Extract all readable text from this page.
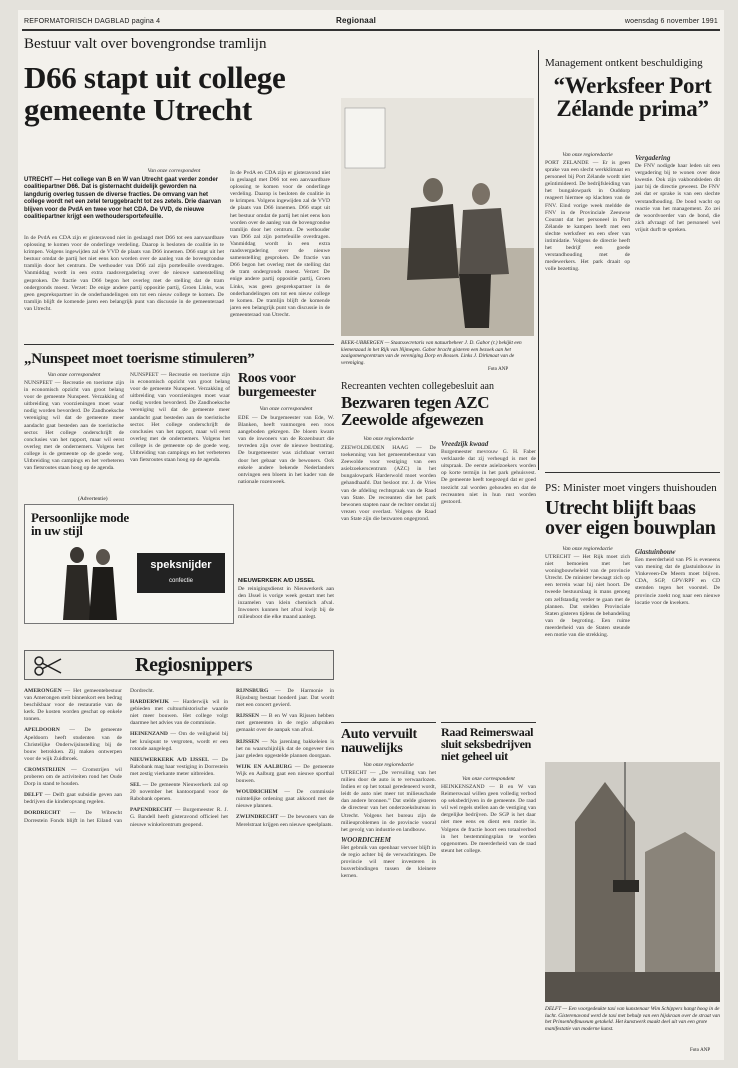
REFORMATORISCH DAGBLAD pagina 4	Regionaal	woensdag 6 november 1991
Bestuur valt over bovengrondse tramlijn
D66 stapt uit college gemeente Utrecht
Van onze correspondent
UTRECHT — Het college van B en W van Utrecht gaat verder zonder coalitiepartner D66. Dat is gisternacht duidelijk geworden na langdurig overleg tussen de diverse fracties. De omvang van het college wordt net een zetel teruggebracht tot zes zetels. Drie daarvan blijven voor de PvdA en twee voor het CDA. De VVD, de nieuwe coalitiepartner krijgt een wethoudersportefeuille.
In de PvdA en CDA zijn er gisteravond niet in geslaagd met D66 tot een aanvaardbare oplossing te komen voor de onderlinge verdeling. Daarop is besloten de coalitie in te krimpen. Volgens ingewijden zal de VVD de plaats van D66 innemen. D66 stapt uit het bestuur omdat de partij het niet eens kon worden over de aanleg van de bovengrondse tramlijn door het centrum. De wethouder van D66 zal zijn portefeuille overdragen. Vanmiddag wordt in een extra raadsvergadering over de nieuwe samenstelling gesproken. De fractie van D66 begon het overleg met de stelling dat de tram ondergronds moest. Verzet: De enige andere partij oppositie partij, Groen Links, was geen gesprekspartner in de onderhandelingen om tot een nieuw college te komen. De tramlijn blijft de komende jaren een belangrijk punt van discussie in de gemeenteraad van Utrecht.
In de PvdA en CDA zijn er gisteravond niet in geslaagd met D66 tot een aanvaardbare oplossing te komen voor de onderlinge verdeling. Daarop is besloten de coalitie in te krimpen. Volgens ingewijden zal de VVD de plaats van D66 innemen. D66 stapt uit het bestuur omdat de partij het niet eens kon worden over de aanleg van de bovengrondse tramlijn door het centrum. De wethouder van D66 zal zijn portefeuille overdragen. Vanmiddag wordt in een extra raadsvergadering over de nieuwe samenstelling gesproken. De fractie van D66 begon het overleg met de stelling dat de tram ondergronds moest. Verzet: De enige andere partij oppositie partij, Groen Links, was geen gesprekspartner in de onderhandelingen om tot een nieuw college te komen. De tramlijn blijft de komende jaren een belangrijk punt van discussie in de gemeenteraad van Utrecht.
BEEK-UBBERGEN — Staatssecretaris van natuurbeheer J. D. Gabor (r.) bekijkt een kiemenzaad in het Rijk van Nijmegen. Gabor bracht gisteren een bezoek aan het zaaigomengcentrum van de vereniging Dorp en Bossen. Links J. Dirkmaat van de vereniging.
Foto ANP
Management ontkent beschuldiging
“Werksfeer Port Zélande prima”
Van onze regioredactie
PORT ZELANDE — Er is geen sprake van een slecht werkklimaat en personeel bij Port Zélande wordt niet geïntimideerd. De bedrijfsleiding van het bungalowpark in Ouddorp reageert hiermee op klachten van de FNV. Eind vorige week meldde de FNV in de Provinciale Zeeuwse Courant dat het personeel in Port Zélande te kampen heeft met een slechte werksfeer en een sfeer van intimidatie. Volgens de directie heeft het bedrijf een goede verstandhouding met de medewerkers. Het park draait op volle bezetting.
Vergadering
De FNV nodigde haar leden uit een vergadering bij te wonen over deze kwestie. Ook zijn vakbondsleden dit jaar bij de directie geweest. De FNV zei dat er sprake is van een slechte verstandhouding. De bond wacht op reactie van het management. Zo zei de woordvoerder van de bond, die zich afvraagt of het personeel wel vrijuit durft te spreken.
„Nunspeet moet toerisme stimuleren”
Van onze correspondent
NUNSPEET — Recreatie en toerisme zijn in economisch opzicht van groot belang voor de gemeente Nunspeet. Verzakking of uitbreiding van voorzieningen moet waar nodig worden bevorderd. De Zandhoeksche vereniging wil dat de gemeente meer aandacht gaat besteden aan de toeristische sector. Het college onderschrijft de conclusies van het rapport, maar wil eerst overleg met de ondernemers. Volgens het college is de gemeente op de goede weg. Uitbreiding van campings en het verbeteren van fietsroutes staan hoog op de agenda.
NUNSPEET — Recreatie en toerisme zijn in economisch opzicht van groot belang voor de gemeente Nunspeet. Verzakking of uitbreiding van voorzieningen moet waar nodig worden bevorderd. De Zandhoeksche vereniging wil dat de gemeente meer aandacht gaat besteden aan de toeristische sector. Het college onderschrijft de conclusies van het rapport, maar wil eerst overleg met de ondernemers. Volgens het college is de gemeente op de goede weg. Uitbreiding van campings en het verbeteren van fietsroutes staan hoog op de agenda.
(Advertentie)
Persoonlijke mode in uw stijl
speksnijder
confectie
Roos voor burgemeester
Van onze correspondent
EDE — De burgemeester van Ede, W. Blanken, heeft vanmorgen een roos aangeboden gekregen. De bloem kwam van de inwoners van de Rozenbuurt die tevreden zijn over de nieuwe bestrating. De burgemeester was zichtbaar verrast door het gebaar van de bewoners. Ook enkele andere bekende Nederlanders ontvingen een bloem in het kader van de nationale rozenweek.
NIEUWERKERK A/D IJSSEL
De reinigingsdienst in Nieuwerkerk aan den IJssel is vorige week gestart met het inzamelen van klein chemisch afval. Inwoners kunnen het afval kwijt bij de milieuboot die elke maand aanlegt.
Recreanten vechten collegebesluit aan
Bezwaren tegen AZC Zeewolde afgewezen
Van onze regioredactie
ZEEWOLDE/DEN HAAG — De toekenning van het gemeentebestuur van Zeewolde voor vestiging van een asielzoekerscentrum (AZC) in het bungalowpark Harderwold moet worden gehandhaafd. Dat besloot mr. J. de Vries van de afdeling rechtspraak van de Raad van State. De recreanten die het park bewonen stapten naar de rechter omdat zij vrezen voor overlast. Volgens de Raad van State zijn die bezwaren ongegrond.
Vreedzijk kwaad
Burgemeester mevrouw G. H. Faber verklaarde dat zij verheugd is met de uitspraak. De eerste asielzoekers worden op korte termijn in het park gehuisvest. De gemeente heeft toegezegd dat er goed toezicht zal worden gehouden en dat de recreanten niet in hun rust worden gestoord.
PS: Minister moet vingers thuishouden
Utrecht blijft baas over eigen bouwplan
Van onze regioredactie
UTRECHT — Het Rijk moet zich niet bemoeien met het woningbouwbeleid van de provincie Utrecht. De minister bewaagt zich op een terrein waar hij niet hoort. De tweede bestuurslaag is mans genoeg om zelfstandig verder te gaan met de plannen. Dat stelden Provinciale Staten gisteren tijdens de behandeling van de begroting. Een ruime meerderheid van de Staten steunde een motie van die strekking.
Glastuinbouw
Een meerderheid van PS is eveneens van mening dat de glastuinbouw in Vinkeveen-De Meern moet blijven. CDA, SGP, GPV/RPF en CD stemden tegen het voorstel. De provincie zoekt nog naar een nieuwe locatie voor de kwekers.
Regiosnippers

AMERONGEN — Het gemeentebestuur van Amerongen stelt binnenkort een bedrag beschikbaar voor de restauratie van de kerk. De kosten worden geschat op enkele tonnen.

APELDOORN — De gemeente Apeldoorn heeft studenten van de Christelijke Onderwijsinstelling bij de bouw betrokken. Zij maken ontwerpen voor de wijk Zuidbroek.

CROMSTRIJEN — Cromstrijen wil proberen om de activiteiten rond het Oude Dorp in stand te houden.

DELFT — Delft gaat subsidie geven aan bedrijven die kinderopvang regelen.

DORDRECHT — De Wibrecht Dorrestein Fonds blijft in het Eiland van Dordrecht.

HARDERWIJK — Harderwijk wil in gebieden met cultuurhistorische waarde niet meer bouwen. Het college volgt daarmee het advies van de commissie.

HEINENZAND — Om de veiligheid bij het kruispunt te vergroten, wordt er een rotonde aangelegd.

NIEUWERKERK A/D IJSSEL — De Rabobank mag haar vestiging in Dorrestein met zestig vierkante meter uitbreiden.

SEL — De gemeente Nieuwerkerk zal op 20 november het kantoorpand voor de Rabobank openen.

PAPENDRECHT — Burgemeester R. J. G. Bandell heeft gisteravond officieel het nieuwe winkelcentrum geopend.

RIJNSBURG — De Harmonie in Rijnsburg bestaat honderd jaar. Dat wordt met een concert gevierd.

RIJSSEN — B en W van Rijssen hebben met gemeenten in de regio afspraken gemaakt over de aanpak van afval.

RIJSSEN — Na jarenlang bakkeleien is het nu waarschijnlijk dat de ongeveer tien jaar geleden opgestelde plannen doorgaan.

WIJK EN AALBURG — De gemeente Wijk en Aalburg gaat een nieuwe sporthal bouwen.

WOUDRICHEM — De commissie ruimtelijke ordening gaat akkoord met de nieuwe plannen.

ZWIJNDRECHT — De bewoners van de Merelstraat krijgen een nieuwe speelplaats.

Auto vervuilt nauwelijks
Van onze regioredactie
UTRECHT — „De vervuiling van het milieu door de auto is te verwaarlozen. Indien er op het totaal geredeneerd wordt, leidt de auto niet meer tot milieuschade dan andere bronnen.” Dat stelde gisteren de directeur van het onderzoeksbureau in Utrecht. Volgens het bureau zijn de milieuproblemen in de provincie vooral het gevolg van industrie en landbouw.
WOORDICHEM
Het gebruik van openbaar vervoer blijft in de regio achter bij de verwachtingen. De provincie wil meer investeren in busverbindingen tussen de kleinere kernen.
Raad Reimerswaal sluit seksbedrijven niet geheel uit
Van onze correspondent
HEINKENSZAND — B en W van Reimerswaal willen geen volledig verbod op seksbedrijven in de gemeente. De raad wil wel regels stellen aan de vestiging van dergelijke bedrijven. De SGP is het daar niet mee eens en dient een motie in. Volgens de fractie hoort een totaalverbod in het bestemmingsplan te worden opgenomen. De meerderheid van de raad steunt het college.
DELFT — Een voorgedeukte taxi van kunstenaar Wim Schippers hangt hoog in de lucht. Gisterenavond werd de taxi met behulp van een hijskraan over de straat van het Prinsenhofmuseum getakeld. Het kunstwerk maakt deel uit van een grote manifestatie van moderne kunst.
Foto ANP
